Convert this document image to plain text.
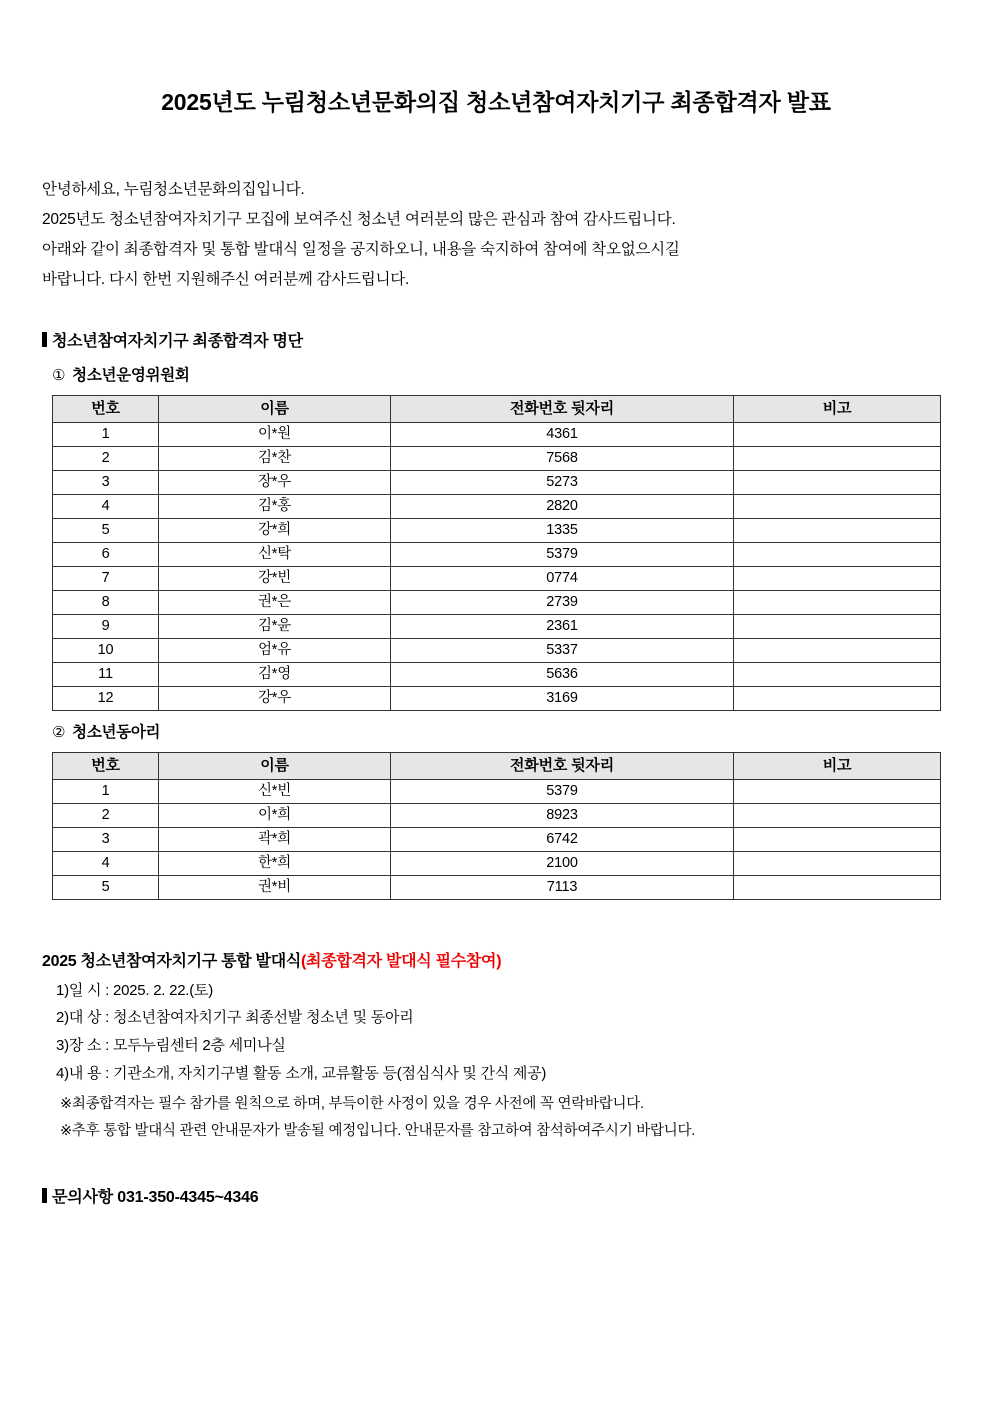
2025년도 누림청소년문화의집 청소년참여자치기구 최종합격자 발표
안녕하세요, 누림청소년문화의집입니다.
2025년도 청소년참여자치기구 모집에 보여주신 청소년 여러분의 많은 관심과 참여 감사드립니다.
아래와 같이 최종합격자 및 통합 발대식 일정을 공지하오니, 내용을 숙지하여 참여에 착오없으시길
바랍니다. 다시 한번 지원해주신 여러분께 감사드립니다.
청소년참여자치기구 최종합격자 명단
① 청소년운영위원회
번호	이름	전화번호 뒷자리	비고
1	이*원	4361	
2	김*찬	7568	
3	장*우	5273	
4	김*홍	2820	
5	강*희	1335	
6	신*탁	5379	
7	강*빈	0774	
8	권*은	2739	
9	김*윤	2361	
10	엄*유	5337	
11	김*영	5636	
12	강*우	3169	
② 청소년동아리
번호	이름	전화번호 뒷자리	비고
1	신*빈	5379	
2	이*희	8923	
3	곽*희	6742	
4	한*희	2100	
5	권*비	7113	
2025 청소년참여자치기구 통합 발대식(최종합격자 발대식 필수참여)
1)일 시 : 2025. 2. 22.(토)
2)대 상 : 청소년참여자치기구 최종선발 청소년 및 동아리
3)장 소 : 모두누림센터 2층 세미나실
4)내 용 : 기관소개, 자치기구별 활동 소개, 교류활동 등(점심식사 및 간식 제공)
※최종합격자는 필수 참가를 원칙으로 하며, 부득이한 사정이 있을 경우 사전에 꼭 연락바랍니다.
※추후 통합 발대식 관련 안내문자가 발송될 예정입니다. 안내문자를 참고하여 참석하여주시기 바랍니다.
문의사항 031-350-4345~4346
